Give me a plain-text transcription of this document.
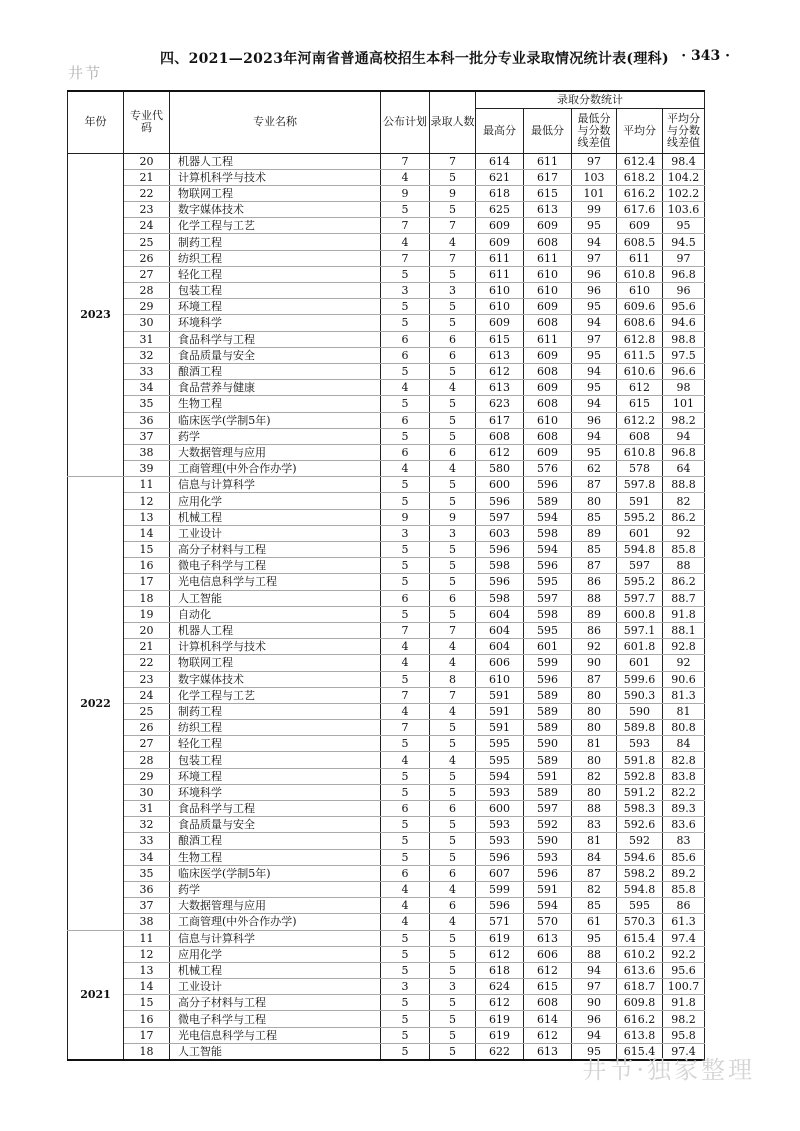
四、2021—2023年河南省普通高校招生本科一批分专业录取情况统计表(理科) · 343 ·
井节
年份	专业代码	专业名称	公布计划	录取人数	录取分数统计				
					最高分	最低分	最低分与分数线差值	平均分	平均分与分数线差值
2023	20	机器人工程	7	7	614	611	97	612.4	98.4
	21	计算机科学与技术	4	5	621	617	103	618.2	104.2
	22	物联网工程	9	9	618	615	101	616.2	102.2
	23	数字媒体技术	5	5	625	613	99	617.6	103.6
	24	化学工程与工艺	7	7	609	609	95	609	95
	25	制药工程	4	4	609	608	94	608.5	94.5
	26	纺织工程	7	7	611	611	97	611	97
	27	轻化工程	5	5	611	610	96	610.8	96.8
	28	包装工程	3	3	610	610	96	610	96
	29	环境工程	5	5	610	609	95	609.6	95.6
	30	环境科学	5	5	609	608	94	608.6	94.6
	31	食品科学与工程	6	6	615	611	97	612.8	98.8
	32	食品质量与安全	6	6	613	609	95	611.5	97.5
	33	酿酒工程	5	5	612	608	94	610.6	96.6
	34	食品营养与健康	4	4	613	609	95	612	98
	35	生物工程	5	5	623	608	94	615	101
	36	临床医学(学制5年)	6	5	617	610	96	612.2	98.2
	37	药学	5	5	608	608	94	608	94
	38	大数据管理与应用	6	6	612	609	95	610.8	96.8
	39	工商管理(中外合作办学)	4	4	580	576	62	578	64
2022	11	信息与计算科学	5	5	600	596	87	597.8	88.8
	12	应用化学	5	5	596	589	80	591	82
	13	机械工程	9	9	597	594	85	595.2	86.2
	14	工业设计	3	3	603	598	89	601	92
	15	高分子材料与工程	5	5	596	594	85	594.8	85.8
	16	微电子科学与工程	5	5	598	596	87	597	88
	17	光电信息科学与工程	5	5	596	595	86	595.2	86.2
	18	人工智能	6	6	598	597	88	597.7	88.7
	19	自动化	5	5	604	598	89	600.8	91.8
	20	机器人工程	7	7	604	595	86	597.1	88.1
	21	计算机科学与技术	4	4	604	601	92	601.8	92.8
	22	物联网工程	4	4	606	599	90	601	92
	23	数字媒体技术	5	8	610	596	87	599.6	90.6
	24	化学工程与工艺	7	7	591	589	80	590.3	81.3
	25	制药工程	4	4	591	589	80	590	81
	26	纺织工程	7	5	591	589	80	589.8	80.8
	27	轻化工程	5	5	595	590	81	593	84
	28	包装工程	4	4	595	589	80	591.8	82.8
	29	环境工程	5	5	594	591	82	592.8	83.8
	30	环境科学	5	5	593	589	80	591.2	82.2
	31	食品科学与工程	6	6	600	597	88	598.3	89.3
	32	食品质量与安全	5	5	593	592	83	592.6	83.6
	33	酿酒工程	5	5	593	590	81	592	83
	34	生物工程	5	5	596	593	84	594.6	85.6
	35	临床医学(学制5年)	6	6	607	596	87	598.2	89.2
	36	药学	4	4	599	591	82	594.8	85.8
	37	大数据管理与应用	4	6	596	594	85	595	86
	38	工商管理(中外合作办学)	4	4	571	570	61	570.3	61.3
2021	11	信息与计算科学	5	5	619	613	95	615.4	97.4
	12	应用化学	5	5	612	606	88	610.2	92.2
	13	机械工程	5	5	618	612	94	613.6	95.6
	14	工业设计	3	3	624	615	97	618.7	100.7
	15	高分子材料与工程	5	5	612	608	90	609.8	91.8
	16	微电子科学与工程	5	5	619	614	96	616.2	98.2
	17	光电信息科学与工程	5	5	619	612	94	613.8	95.8
	18	人工智能	5	5	622	613	95	615.4	97.4
井节·独家整理
